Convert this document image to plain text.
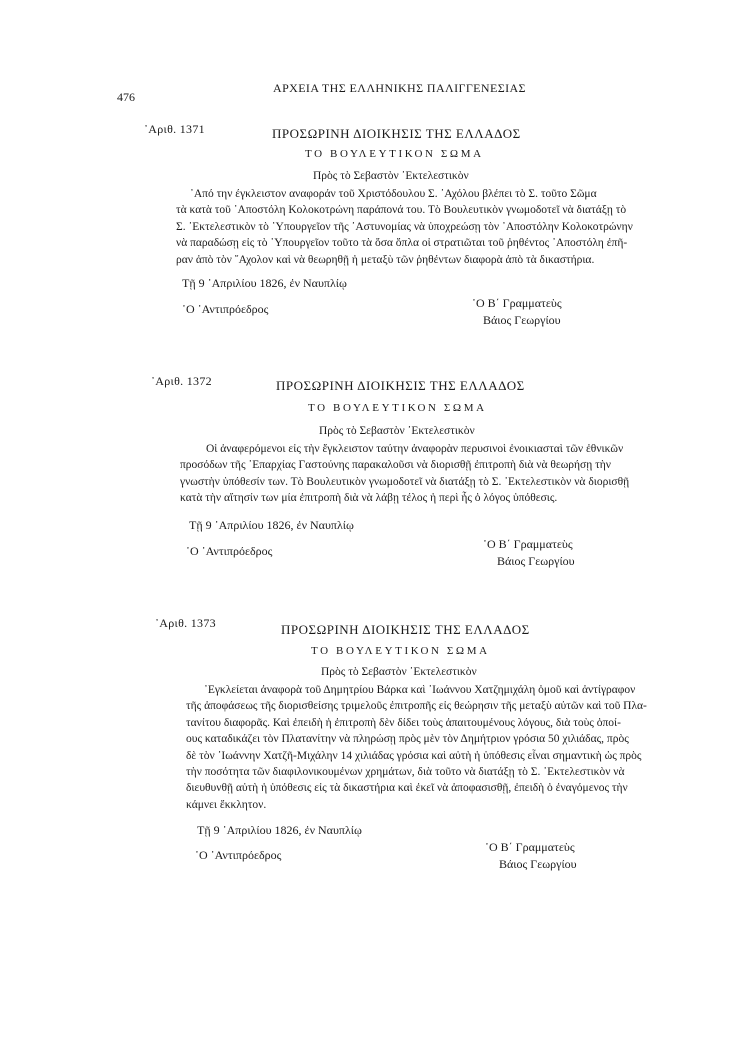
476
ΑΡΧΕΙΑ ΤΗΣ ΕΛΛΗΝΙΚΗΣ ΠΑΛΙΓΓΕΝΕΣΙΑΣ
᾿Αριθ. 1371	ΠΡΟΣΩΡΙΝΗ ΔΙΟΙΚΗΣΙΣ ΤΗΣ ΕΛΛΑΔΟΣ
ΤΟ ΒΟΥΛΕΥΤΙΚΟΝ ΣΩΜΑ
Πρὸς τὸ Σεβαστὸν ᾿Εκτελεστικὸν
᾿Από την έγκλειστον αναφοράν τοῦ Χριστόδουλου Σ. ᾿Αχόλου βλέπει τὸ Σ. τοῦτο Σῶμα
τὰ κατὰ τοῦ ᾿Αποστόλη Κολοκοτρώνη παράπονά του. Τὸ Βουλευτικὸν γνωμοδοτεῖ νὰ διατάξῃ τὸ
Σ. ᾿Εκτελεστικὸν τὸ ῾Υπουργεῖον τῆς ᾿Αστυνομίας νὰ ὑποχρεώσῃ τὸν ᾿Αποστόλην Κολοκοτρώνην
νὰ παραδώσῃ εἰς τὸ ῾Υπουργεῖον τοῦτο τὰ ὅσα ὅπλα οἱ στρατιῶται τοῦ ῥηθέντος ᾿Αποστόλη ἐπῆ-
ραν ἀπὸ τὸν ῎Αχολον καὶ νὰ θεωρηθῇ ἡ μεταξὺ τῶν ῥηθέντων διαφορὰ ἀπὸ τὰ δικαστήρια.
Τῇ 9 ᾿Απριλίου 1826, ἐν Ναυπλίῳ
῾Ο ᾿Αντιπρόεδρος	῾Ο Β΄ Γραμματεὺς
Βάιος Γεωργίου
᾿Αριθ. 1372	ΠΡΟΣΩΡΙΝΗ ΔΙΟΙΚΗΣΙΣ ΤΗΣ ΕΛΛΑΔΟΣ
ΤΟ ΒΟΥΛΕΥΤΙΚΟΝ ΣΩΜΑ
Πρὸς τὸ Σεβαστὸν ᾿Εκτελεστικὸν
Οἱ ἀναφερόμενοι εἰς τὴν ἔγκλειστον ταύτην ἀναφορὰν περυσινοὶ ἐνοικιασταὶ τῶν ἐθνικῶν
προσόδων τῆς ᾿Επαρχίας Γαστούνης παρακαλοῦσι νὰ διορισθῇ ἐπιτροπὴ διὰ νὰ θεωρήσῃ τὴν
γνωστὴν ὑπόθεσίν των. Τὸ Βουλευτικὸν γνωμοδοτεῖ νὰ διατάξῃ τὸ Σ. ᾿Εκτελεστικὸν νὰ διορισθῇ
κατὰ τὴν αἴτησίν των μία ἐπιτροπὴ διὰ νὰ λάβῃ τέλος ἡ περὶ ἧς ὁ λόγος ὑπόθεσις.
Τῇ 9 ᾿Απριλίου 1826, ἐν Ναυπλίῳ
῾Ο ᾿Αντιπρόεδρος	῾Ο Β΄ Γραμματεὺς
Βάιος Γεωργίου
᾿Αριθ. 1373	ΠΡΟΣΩΡΙΝΗ ΔΙΟΙΚΗΣΙΣ ΤΗΣ ΕΛΛΑΔΟΣ
ΤΟ ΒΟΥΛΕΥΤΙΚΟΝ ΣΩΜΑ
Πρὸς τὸ Σεβαστὸν ᾿Εκτελεστικὸν
᾿Εγκλείεται ἀναφορὰ τοῦ Δημητρίου Βάρκα καὶ ᾿Ιωάννου Χατζημιχάλη ὁμοῦ καὶ ἀντίγραφον
τῆς ἀποφάσεως τῆς διορισθείσης τριμελοῦς ἐπιτροπῆς εἰς θεώρησιν τῆς μεταξὺ αὐτῶν καὶ τοῦ Πλα-
τανίτου διαφορᾶς. Καὶ ἐπειδὴ ἡ ἐπιτροπὴ δὲν δίδει τοὺς ἀπαιτουμένους λόγους, διὰ τοὺς ὁποί-
ους καταδικάζει τὸν Πλατανίτην νὰ πληρώσῃ πρὸς μὲν τὸν Δημήτριον γρόσια 50 χιλιάδας, πρὸς
δὲ τὸν ᾿Ιωάννην Χατζῆ-Μιχάλην 14 χιλιάδας γρόσια καὶ αὐτὴ ἡ ὑπόθεσις εἶναι σημαντικὴ ὡς πρὸς
τὴν ποσότητα τῶν διαφιλονικουμένων χρημάτων, διὰ τοῦτο νὰ διατάξῃ τὸ Σ. ᾿Εκτελεστικὸν νὰ
διευθυνθῇ αὐτὴ ἡ ὑπόθεσις εἰς τὰ δικαστήρια καὶ ἐκεῖ νὰ ἀποφασισθῇ, ἐπειδὴ ὁ ἐναγόμενος τὴν
κάμνει ἔκκλητον.
Τῇ 9 ᾿Απριλίου 1826, ἐν Ναυπλίῳ
῾Ο ᾿Αντιπρόεδρος
῾Ο Β΄ Γραμματεὺς
Βάιος Γεωργίου
